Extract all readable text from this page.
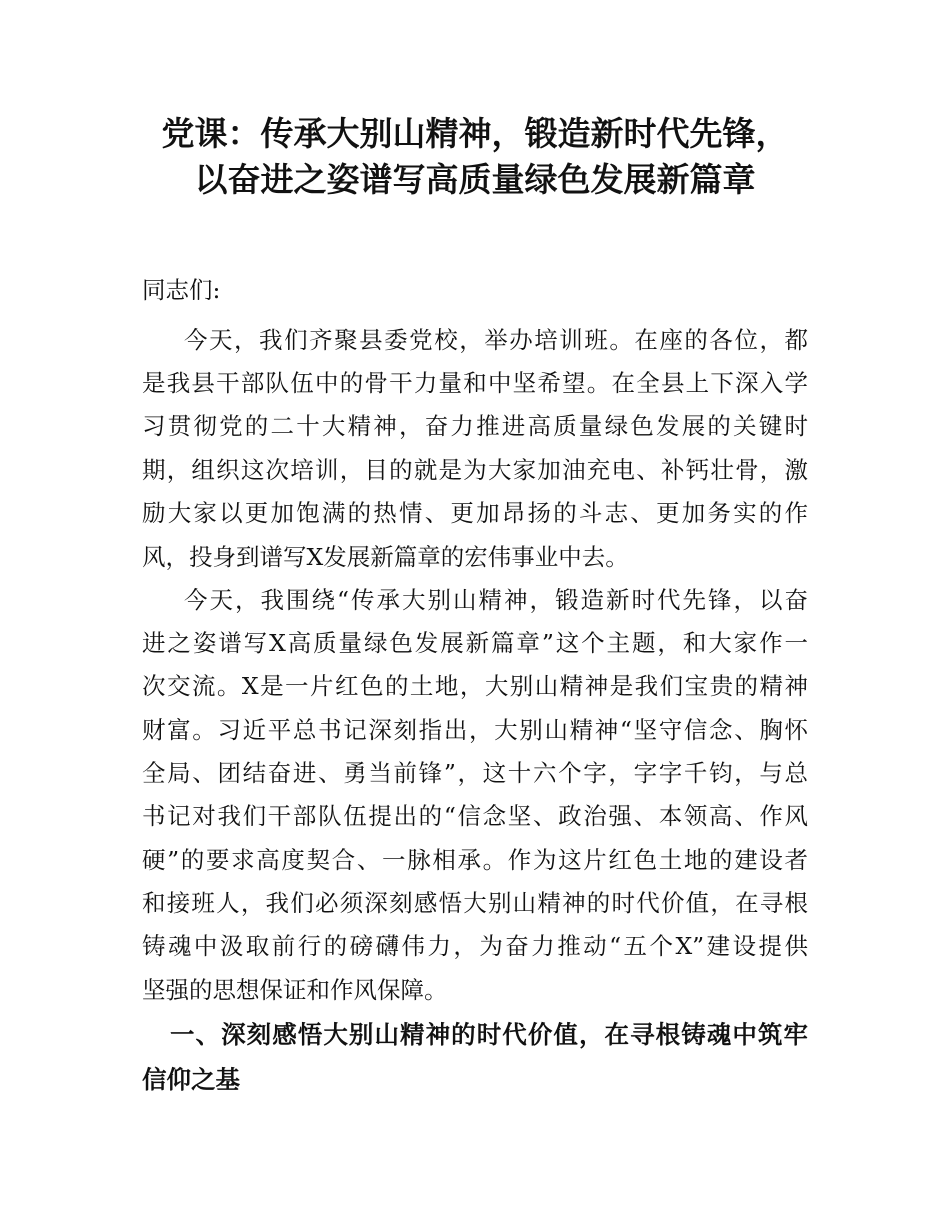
党课：传承大别山精神，锻造新时代先锋，
以奋进之姿谱写高质量绿色发展新篇章
同志们:
今天，我们齐聚县委党校，举办培训班。在座的各位，都
是我县干部队伍中的骨干力量和中坚希望。在全县上下深入学
习贯彻党的二十大精神，奋力推进高质量绿色发展的关键时
期，组织这次培训，目的就是为大家加油充电、补钙壮骨，激
励大家以更加饱满的热情、更加昂扬的斗志、更加务实的作
风，投身到谱写X发展新篇章的宏伟事业中去。
今天，我围绕“传承大别山精神，锻造新时代先锋，以奋
进之姿谱写X高质量绿色发展新篇章”这个主题，和大家作一
次交流。X是一片红色的土地，大别山精神是我们宝贵的精神
财富。习近平总书记深刻指出，大别山精神“坚守信念、胸怀
全局、团结奋进、勇当前锋”，这十六个字，字字千钧，与总
书记对我们干部队伍提出的“信念坚、政治强、本领高、作风
硬”的要求高度契合、一脉相承。作为这片红色土地的建设者
和接班人，我们必须深刻感悟大别山精神的时代价值，在寻根
铸魂中汲取前行的磅礴伟力，为奋力推动“五个X”建设提供
坚强的思想保证和作风保障。
一、深刻感悟大别山精神的时代价值，在寻根铸魂中筑牢
信仰之基
